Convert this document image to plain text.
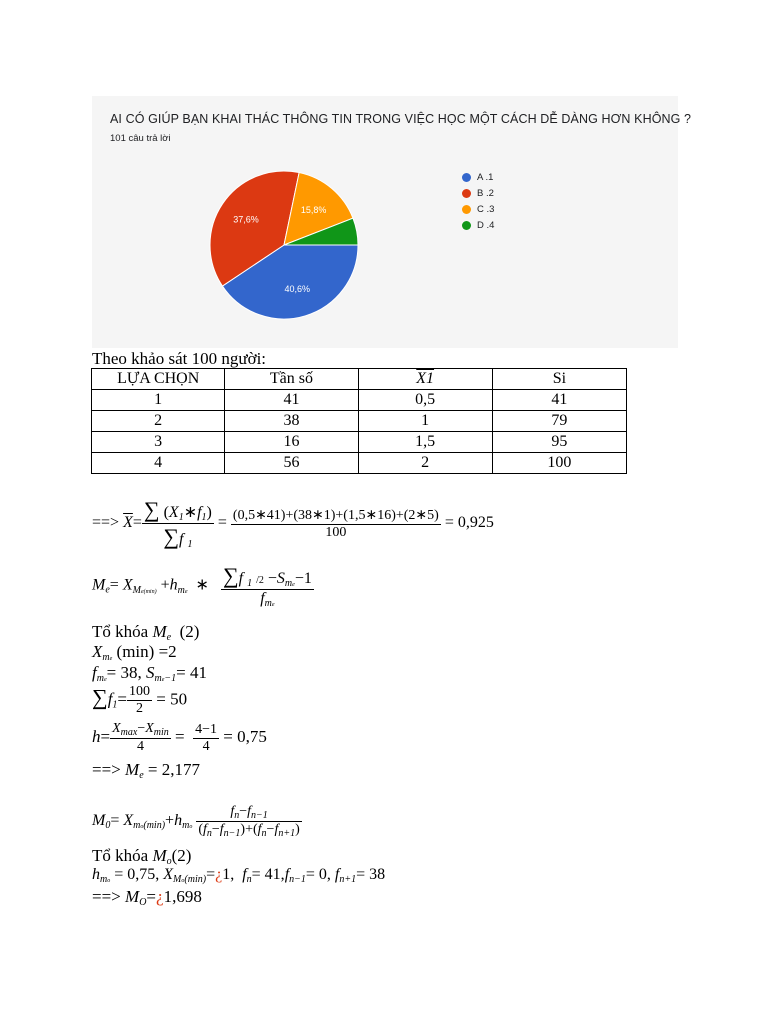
AI CÓ GIÚP BẠN KHAI THÁC THÔNG TIN TRONG VIỆC HỌC MỘT CÁCH DỄ DÀNG HƠN KHÔNG ?
101 câu trả lời
40,6%
37,6%
15,8%
A .1
B .2
C .3
D .4
Theo khảo sát 100 người:
LỰA CHỌN	Tần số	X1	Si
1	41	0,5	41
2	38	1	79
3	16	1,5	95
4	56	2	100
==> $\overline{X}= \frac{\sum (X_1∗f_1)}{\sum f _1} = \frac{(0,5∗41)+(38∗1)+(1,5∗16)+(2∗5)}{100} = 0,925$
$M_e= X_{Me(min)} +h_{me}$  ∗ $\frac{\sum f _1 /2 -S_{me}-1}{f_{me}}$
Tổ khóa $M_e$ (2)
$X_{me}$ (min) =2
$f_{me}= 38$, $S_{me-1}= 41$
$\sum f_1= \frac{100}{2} = 50$
$h= \frac{X_{max}-X_{min}}{4} = \frac{4-1}{4} = 0,75$
==> $M_e = 2,177$
$M_0= X_{mo(min)}+h_{mo} \frac{f_n-f_{n-1}}{(f_n-f_{n-1})+(f_n-f_{n+1})}$
Tổ khóa $M_o(2)$
$h_{mo} = 0,75$, $X_{Mo(min)}=¿1$, $f_n= 41,f_{n-1}= 0$, $f_{n+1}= 38$
==> $M_O=¿1,698$
